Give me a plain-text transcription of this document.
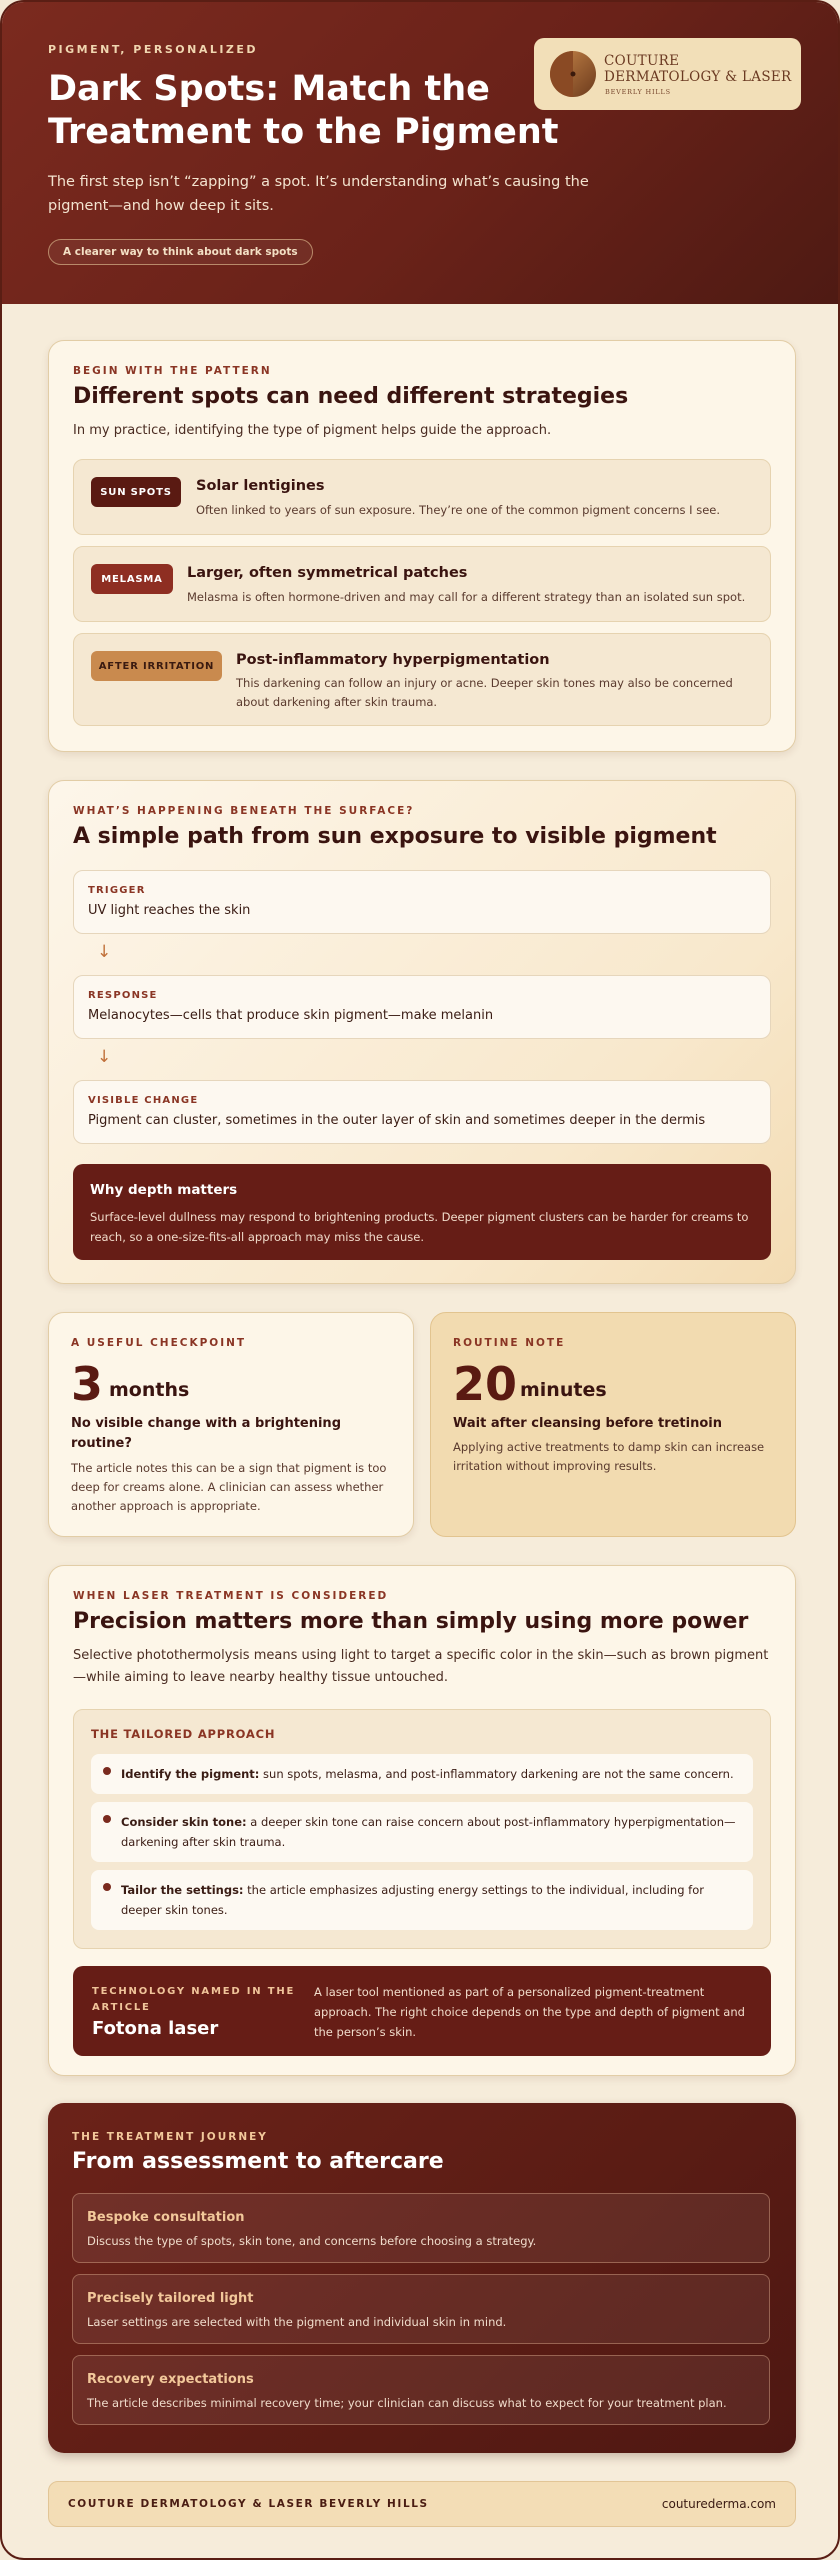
PIGMENT, PERSONALIZED
Dark Spots: Match the Treatment to the Pigment
The first step isn’t “zapping” a spot. It’s understanding what’s causing the pigment—and how deep it sits.
A clearer way to think about dark spots
COUTURE
DERMATOLOGY & LASER
BEVERLY HILLS
BEGIN WITH THE PATTERN
Different spots can need different strategies
In my practice, identifying the type of pigment helps guide the approach.
SUN SPOTS	Solar lentigines
Often linked to years of sun exposure. They’re one of the common pigment concerns I see.
MELASMA	Larger, often symmetrical patches
Melasma is often hormone-driven and may call for a different strategy than an isolated sun spot.
AFTER IRRITATION	Post-inflammatory hyperpigmentation
This darkening can follow an injury or acne. Deeper skin tones may also be concerned about darkening after skin trauma.
WHAT’S HAPPENING BENEATH THE SURFACE?
A simple path from sun exposure to visible pigment
TRIGGER
UV light reaches the skin
↓
RESPONSE
Melanocytes—cells that produce skin pigment—make melanin
↓
VISIBLE CHANGE
Pigment can cluster, sometimes in the outer layer of skin and sometimes deeper in the dermis
Why depth matters
Surface-level dullness may respond to brightening products. Deeper pigment clusters can be harder for creams to reach, so a one-size-fits-all approach may miss the cause.
A USEFUL CHECKPOINT
3 months
No visible change with a brightening routine?
The article notes this can be a sign that pigment is too deep for creams alone. A clinician can assess whether another approach is appropriate.
ROUTINE NOTE
20 minutes
Wait after cleansing before tretinoin
Applying active treatments to damp skin can increase irritation without improving results.
WHEN LASER TREATMENT IS CONSIDERED
Precision matters more than simply using more power
Selective photothermolysis means using light to target a specific color in the skin—such as brown pigment—while aiming to leave nearby healthy tissue untouched.
THE TAILORED APPROACH
Identify the pigment: sun spots, melasma, and post-inflammatory darkening are not the same concern.
Consider skin tone: a deeper skin tone can raise concern about post-inflammatory hyperpigmentation—darkening after skin trauma.
Tailor the settings: the article emphasizes adjusting energy settings to the individual, including for deeper skin tones.
TECHNOLOGY NAMED IN THE ARTICLE
Fotona laser
A laser tool mentioned as part of a personalized pigment-treatment approach. The right choice depends on the type and depth of pigment and the person’s skin.
THE TREATMENT JOURNEY
From assessment to aftercare
Bespoke consultation
Discuss the type of spots, skin tone, and concerns before choosing a strategy.
Precisely tailored light
Laser settings are selected with the pigment and individual skin in mind.
Recovery expectations
The article describes minimal recovery time; your clinician can discuss what to expect for your treatment plan.
COUTURE DERMATOLOGY & LASER BEVERLY HILLS	couturederma.com
